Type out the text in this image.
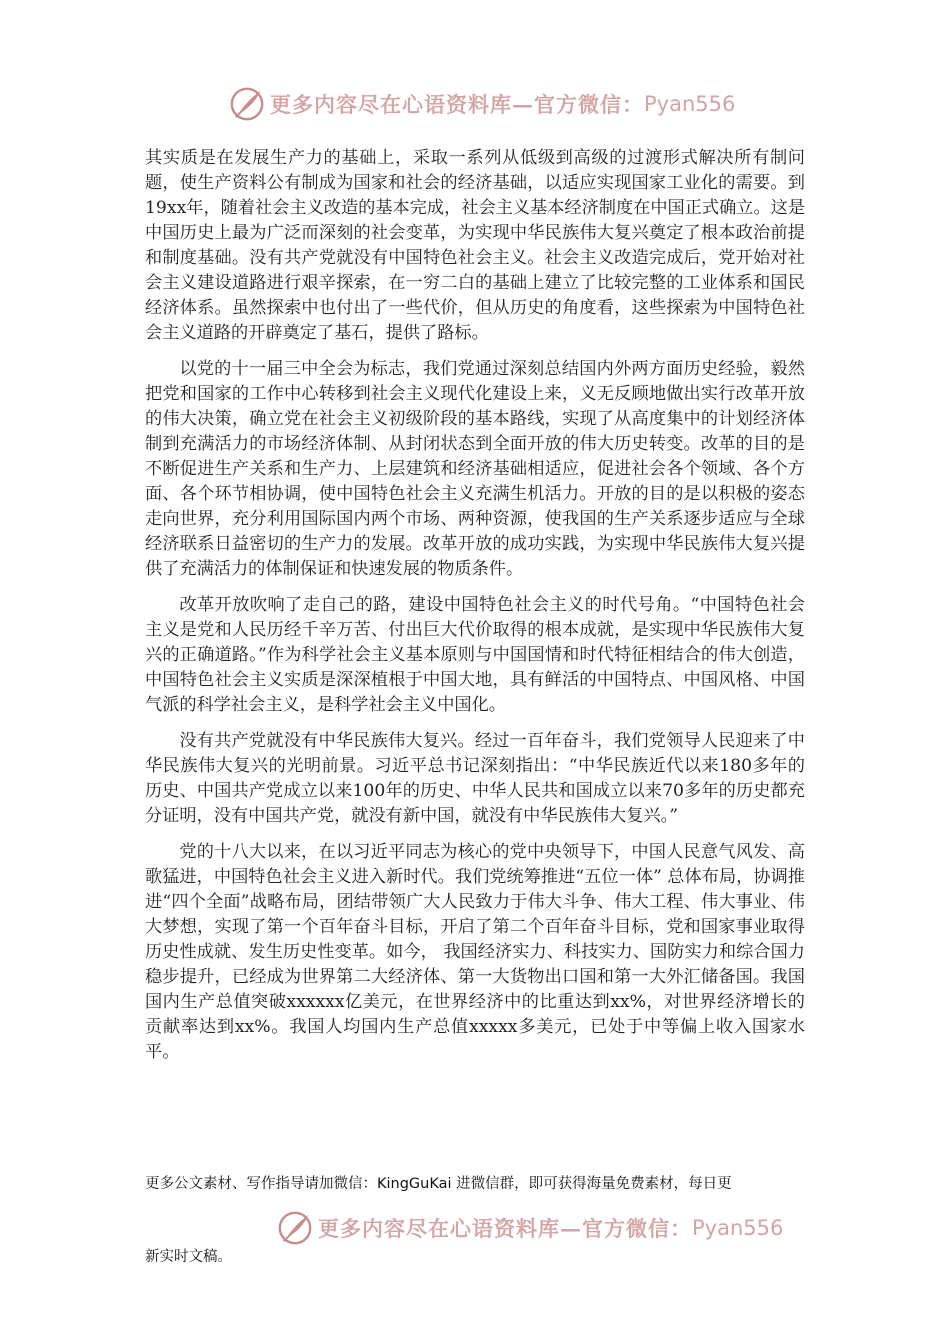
更多内容尽在心语资料库—官方微信： Pyan556

其实质是在发展生产力的基础上，采取一系列从低级到高级的过渡形式解决所有制问题，使生产资料公有制成为国家和社会的经济基础，以适应实现国家工业化的需要。到19xx年，随着社会主义改造的基本完成，社会主义基本经济制度在中国正式确立。这是中国历史上最为广泛而深刻的社会变革，为实现中华民族伟大复兴奠定了根本政治前提和制度基础。没有共产党就没有中国特色社会主义。社会主义改造完成后，党开始对社会主义建设道路进行艰辛探索，在一穷二白的基础上建立了比较完整的工业体系和国民经济体系。虽然探索中也付出了一些代价，但从历史的角度看，这些探索为中国特色社会主义道路的开辟奠定了基石，提供了路标。

以党的十一届三中全会为标志，我们党通过深刻总结国内外两方面历史经验，毅然把党和国家的工作中心转移到社会主义现代化建设上来，义无反顾地做出实行改革开放的伟大决策，确立党在社会主义初级阶段的基本路线，实现了从高度集中的计划经济体制到充满活力的市场经济体制、从封闭状态到全面开放的伟大历史转变。改革的目的是不断促进生产关系和生产力、上层建筑和经济基础相适应，促进社会各个领域、各个方面、各个环节相协调，使中国特色社会主义充满生机活力。开放的目的是以积极的姿态走向世界，充分利用国际国内两个市场、两种资源，使我国的生产关系逐步适应与全球经济联系日益密切的生产力的发展。改革开放的成功实践，为实现中华民族伟大复兴提供了充满活力的体制保证和快速发展的物质条件。

改革开放吹响了走自己的路，建设中国特色社会主义的时代号角。“中国特色社会主义是党和人民历经千辛万苦、付出巨大代价取得的根本成就，是实现中华民族伟大复兴的正确道路。”作为科学社会主义基本原则与中国国情和时代特征相结合的伟大创造，中国特色社会主义实质是深深植根于中国大地，具有鲜活的中国特点、中国风格、中国气派的科学社会主义，是科学社会主义中国化。

没有共产党就没有中华民族伟大复兴。经过一百年奋斗，我们党领导人民迎来了中华民族伟大复兴的光明前景。习近平总书记深刻指出：“中华民族近代以来180多年的历史、中国共产党成立以来100年的历史、中华人民共和国成立以来70多年的历史都充分证明，没有中国共产党，就没有新中国，就没有中华民族伟大复兴。”

党的十八大以来，在以习近平同志为核心的党中央领导下，中国人民意气风发、高歌猛进，中国特色社会主义进入新时代。我们党统筹推进“五位一体” 总体布局，协调推进“四个全面”战略布局，团结带领广大人民致力于伟大斗争、伟大工程、伟大事业、伟大梦想，实现了第一个百年奋斗目标，开启了第二个百年奋斗目标，党和国家事业取得历史性成就、发生历史性变革。如今， 我国经济实力、科技实力、国防实力和综合国力稳步提升，已经成为世界第二大经济体、第一大货物出口国和第一大外汇储备国。我国国内生产总值突破xxxxxx亿美元，在世界经济中的比重达到xx%，对世界经济增长的贡献率达到xx%。我国人均国内生产总值xxxxx多美元，已处于中等偏上收入国家水平。

更多公文素材、写作指导请加微信：KingGuKai 进微信群，即可获得海量免费素材，每日更
更多内容尽在心语资料库—官方微信： Pyan556
新实时文稿。
